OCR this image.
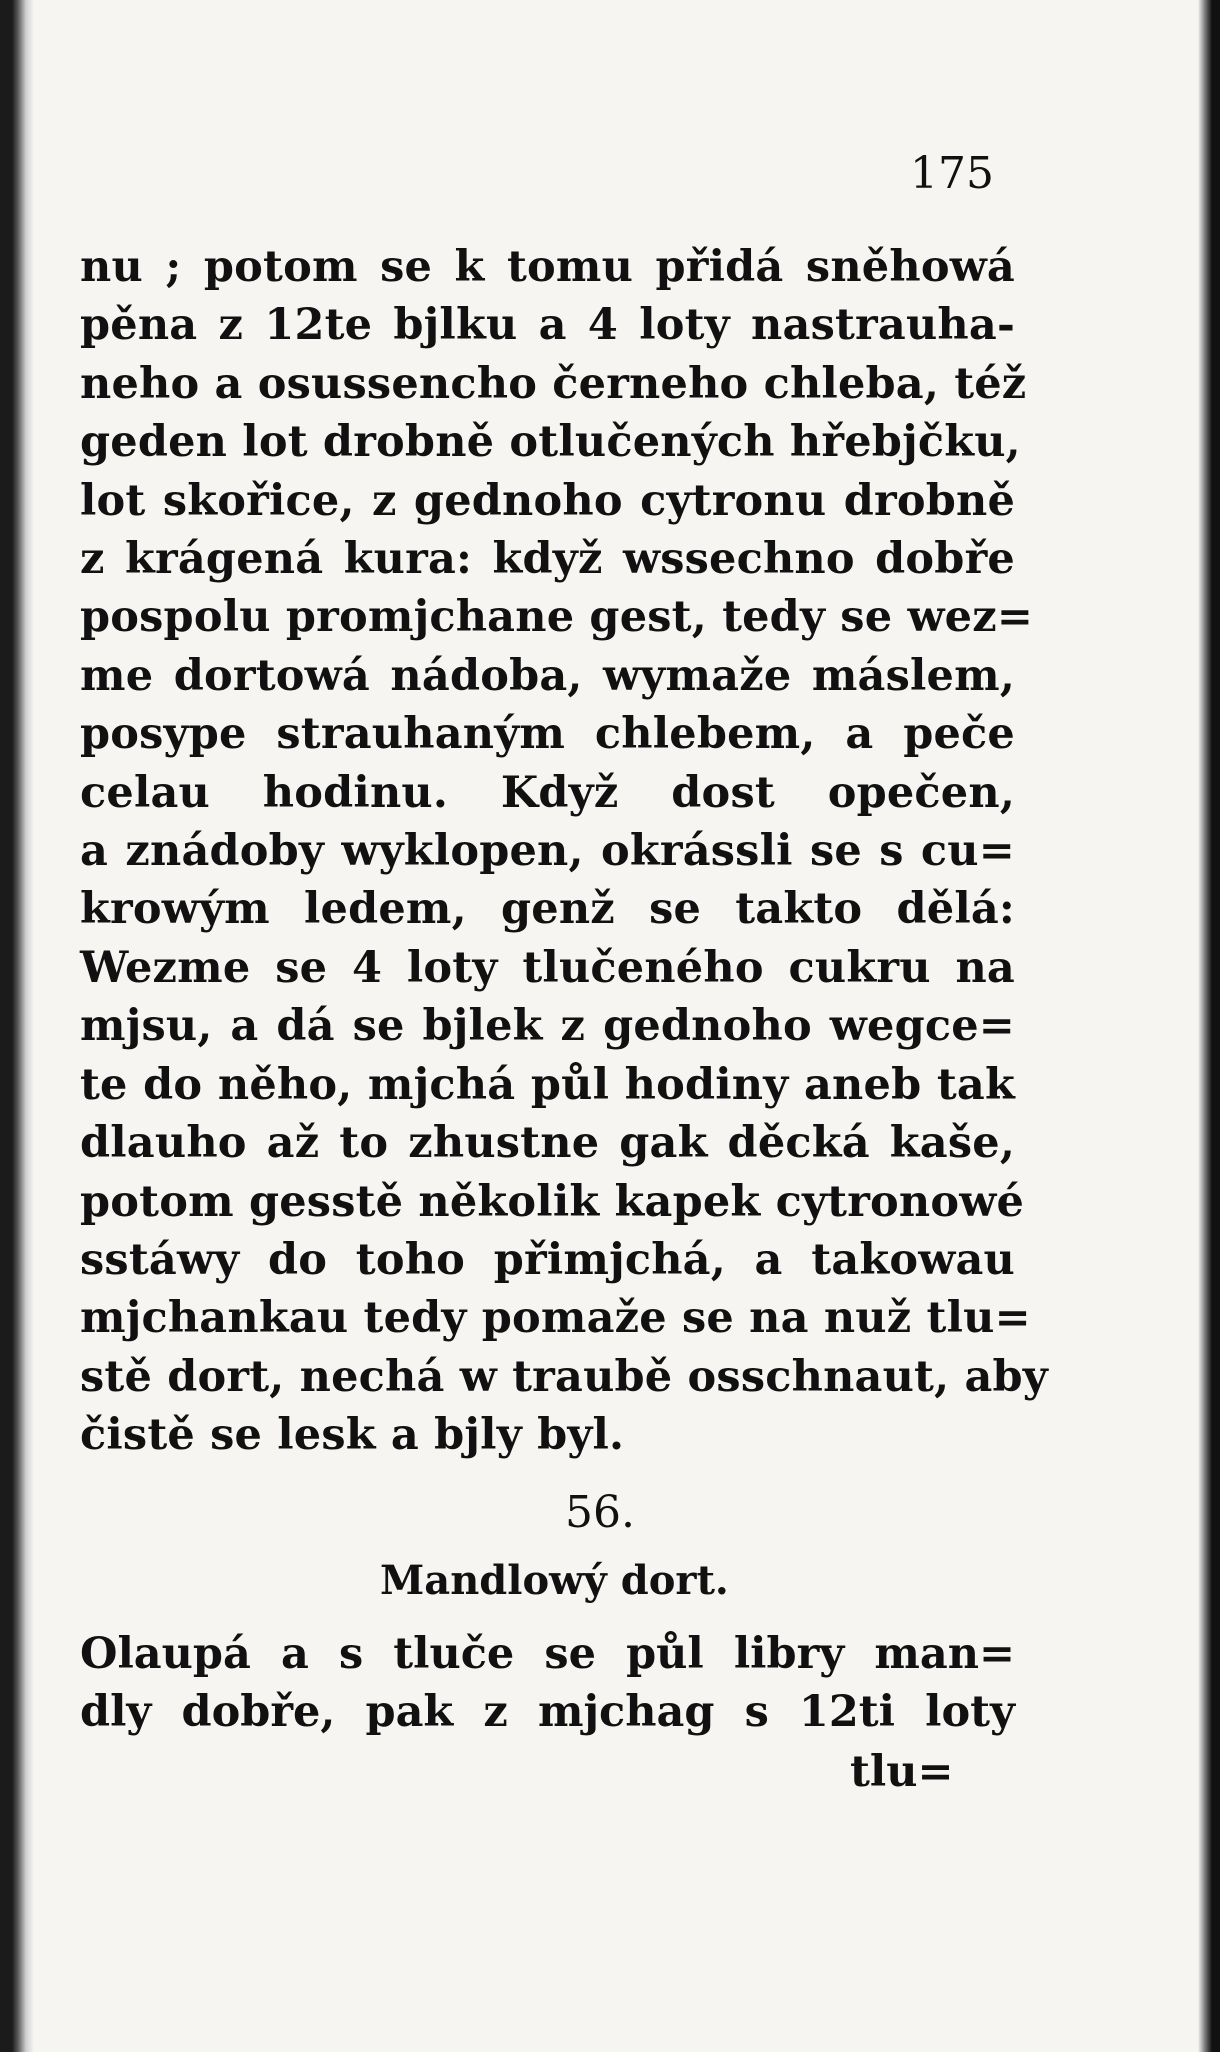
175
nu ; potom se k tomu přidá sněhowá
pěna z 12te bjlku a 4 loty nastrauha-
neho a osussencho černeho chleba, též
geden lot drobně otlučených hřebjčku,
lot skořice, z gednoho cytronu drobně
z krágená kura: když wssechno dobře
pospolu promjchane gest, tedy se wez=
me dortowá nádoba, wymaže máslem,
posype strauhaným chlebem, a peče
celau hodinu. Když dost opečen,
a znádoby wyklopen, okrássli se s cu=
krowým ledem, genž se takto dělá:
Wezme se 4 loty tlučeného cukru na
mjsu, a dá se bjlek z gednoho wegce=
te do něho, mjchá půl hodiny aneb tak
dlauho až to zhustne gak děcká kaše,
potom gesstě několik kapek cytronowé
sstáwy do toho přimjchá, a takowau
mjchankau tedy pomaže se na nuž tlu=
stě dort, nechá w traubě osschnaut, aby
čistě se lesk a bjly byl.
56.
Mandlowý dort.
Olaupá a s tluče se půl libry man=
dly dobře, pak z mjchag s 12ti loty
tlu=
